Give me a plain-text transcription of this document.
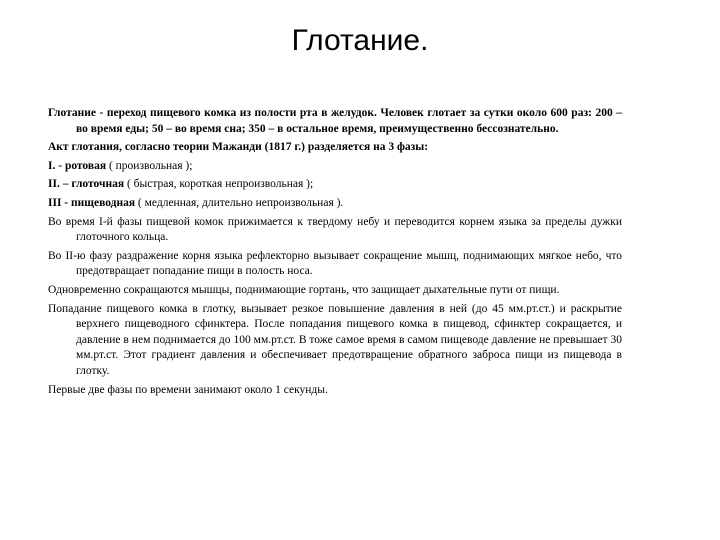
Глотание.

Глотание - переход пищевого комка из полости рта в желудок. Человек глотает за сутки около 600 раз: 200 – во время еды; 50 – во время сна; 350 – в остальное время, преимущественно бессознательно.

Акт глотания, согласно теории Мажанди (1817 г.) разделяется на 3 фазы:

I. - ротовая ( произвольная );

II. – глоточная ( быстрая, короткая непроизвольная );

III - пищеводная ( медленная, длительно непроизвольная ).

Во время I-й фазы пищевой комок прижимается к твердому небу и переводится корнем языка за пределы дужки глоточного кольца.

Во II-ю фазу раздражение корня языка рефлекторно вызывает сокращение мышц, поднимающих мягкое небо, что предотвращает попадание пищи в полость носа.

Одновременно сокращаются мышцы, поднимающие гортань, что защищает дыхательные пути от пищи.

Попадание пищевого комка в глотку, вызывает резкое повышение давления в ней (до 45 мм.рт.ст.) и раскрытие верхнего пищеводного сфинктера. После попадания пищевого комка в пищевод, сфинктер сокращается, и давление в нем поднимается до 100 мм.рт.ст. В тоже самое время в самом пищеводе давление не превышает 30 мм.рт.ст. Этот градиент давления и обеспечивает предотвращение обратного заброса пищи из пищевода в глотку.

Первые две фазы по времени занимают около 1 секунды.
